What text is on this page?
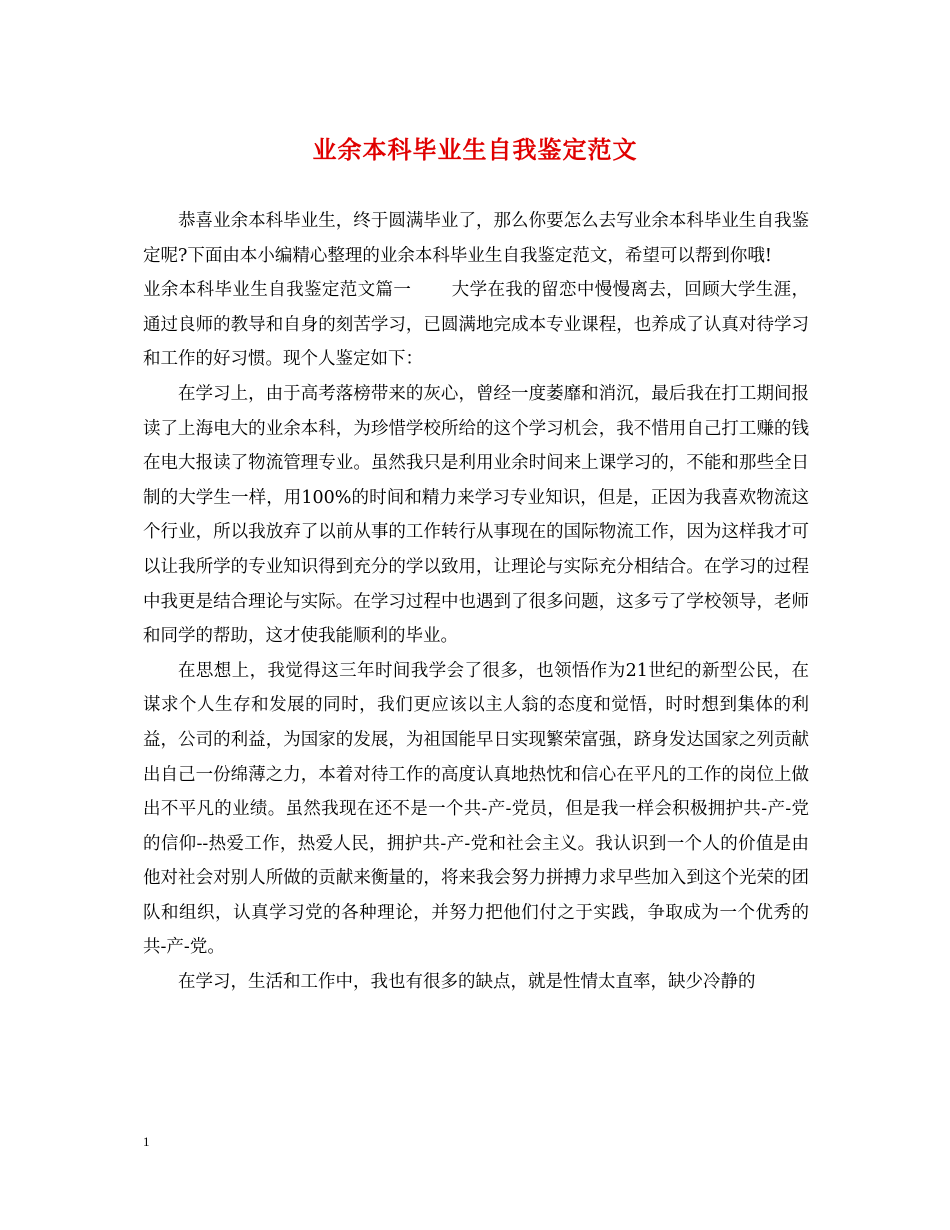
业余本科毕业生自我鉴定范文

恭喜业余本科毕业生，终于圆满毕业了，那么你要怎么去写业余本科毕业生自我鉴定呢?下面由本小编精心整理的业余本科毕业生自我鉴定范文，希望可以帮到你哦!

业余本科毕业生自我鉴定范文篇一 大学在我的留恋中慢慢离去，回顾大学生涯，通过良师的教导和自身的刻苦学习，已圆满地完成本专业课程，也养成了认真对待学习和工作的好习惯。现个人鉴定如下：

在学习上，由于高考落榜带来的灰心，曾经一度萎靡和消沉，最后我在打工期间报读了上海电大的业余本科，为珍惜学校所给的这个学习机会，我不惜用自己打工赚的钱在电大报读了物流管理专业。虽然我只是利用业余时间来上课学习的，不能和那些全日制的大学生一样，用100%的时间和精力来学习专业知识，但是，正因为我喜欢物流这个行业，所以我放弃了以前从事的工作转行从事现在的国际物流工作，因为这样我才可以让我所学的专业知识得到充分的学以致用，让理论与实际充分相结合。在学习的过程中我更是结合理论与实际。在学习过程中也遇到了很多问题，这多亏了学校领导，老师和同学的帮助，这才使我能顺利的毕业。

在思想上，我觉得这三年时间我学会了很多，也领悟作为21世纪的新型公民，在谋求个人生存和发展的同时，我们更应该以主人翁的态度和觉悟，时时想到集体的利益，公司的利益，为国家的发展，为祖国能早日实现繁荣富强，跻身发达国家之列贡献出自己一份绵薄之力，本着对待工作的高度认真地热忱和信心在平凡的工作的岗位上做出不平凡的业绩。虽然我现在还不是一个共-产-党员，但是我一样会积极拥护共-产-党的信仰--热爱工作，热爱人民，拥护共-产-党和社会主义。我认识到一个人的价值是由他对社会对别人所做的贡献来衡量的，将来我会努力拼搏力求早些加入到这个光荣的团队和组织，认真学习党的各种理论，并努力把他们付之于实践，争取成为一个优秀的共-产-党。

在学习，生活和工作中，我也有很多的缺点，就是性情太直率，缺少冷静的

1
